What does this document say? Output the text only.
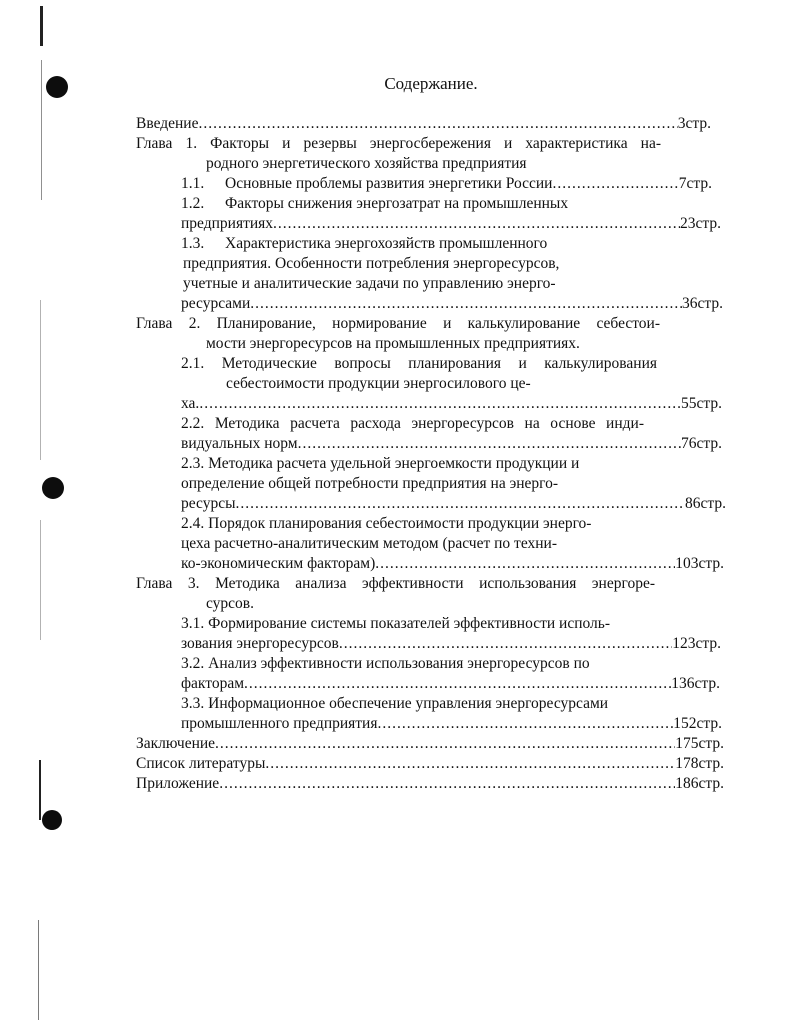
Содержание.
Введение .....	3стр.
Глава 1. Факторы и резервы энергосбережения и характеристика на-
родного энергетического хозяйства предприятия
1.1. Основные проблемы развития энергетики России .....	7стр.
1.2. Факторы снижения энергозатрат на промышленных
предприятиях .....	23стр.
1.3. Характеристика энергохозяйств промышленного
предприятия. Особенности потребления энергоресурсов,
учетные и аналитические задачи по управлению энерго-
ресурсами .....	36стр.
Глава 2. Планирование, нормирование и калькулирование себестои-
мости энергоресурсов на промышленных предприятиях.
2.1. Методические вопросы планирования и калькулирования
себестоимости продукции энергосилового це-
ха. .....	55стр.
2.2. Методика расчета расхода энергоресурсов на основе инди-
видуальных норм .....	76стр.
2.3. Методика расчета удельной энергоемкости продукции и
определение общей потребности предприятия на энерго-
ресурсы .....	86стр.
2.4. Порядок планирования себестоимости продукции энерго-
цеха расчетно-аналитическим методом (расчет по техни-
ко-экономическим факторам) .....	103стр.
Глава 3. Методика анализа эффективности использования энергоре-
сурсов.
3.1. Формирование системы показателей эффективности исполь-
зования энергоресурсов .....	123стр.
3.2. Анализ эффективности использования энергоресурсов по
факторам .....	136стр.
3.3. Информационное обеспечение управления энергоресурсами
промышленного предприятия .....	152стр.
Заключение .....	175стр.
Список литературы .....	178стр.
Приложение .....	186стр.
